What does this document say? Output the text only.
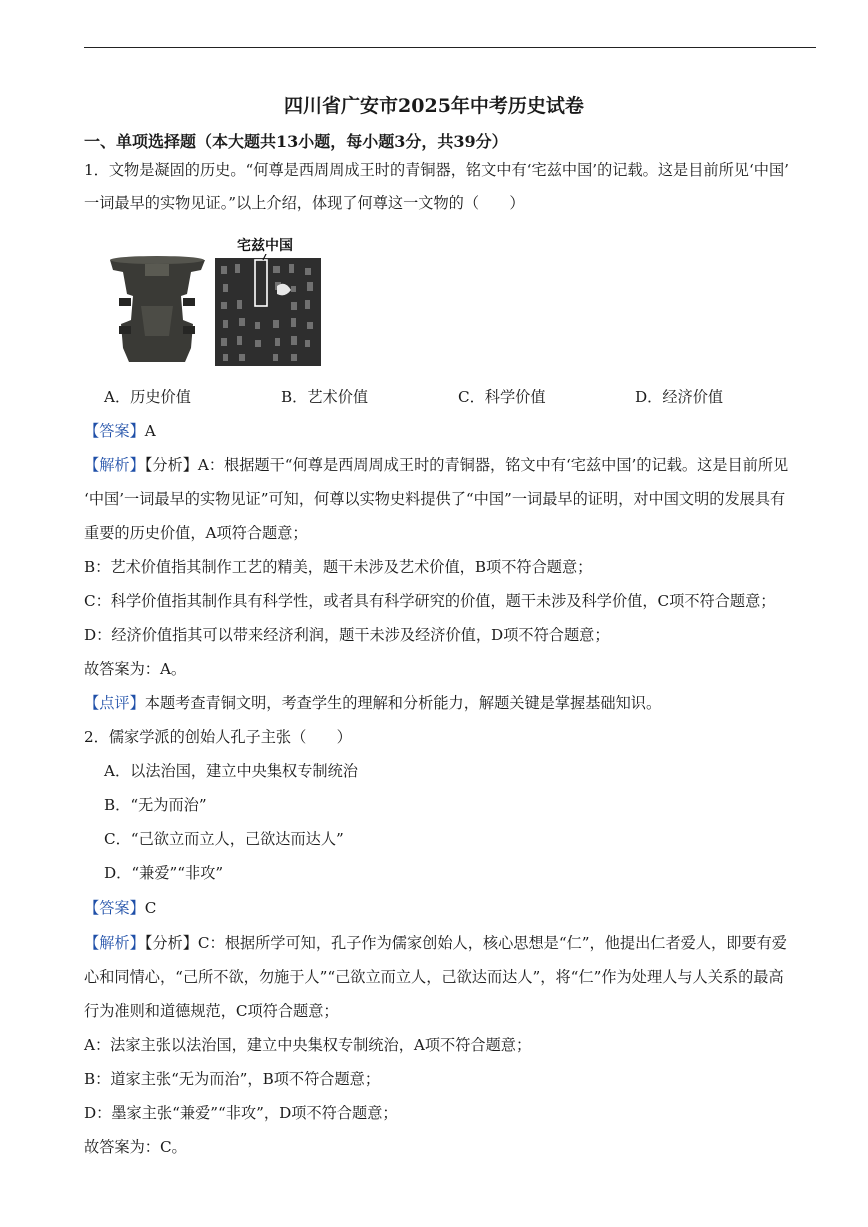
四川省广安市2025年中考历史试卷
一、单项选择题（本大题共13小题，每小题3分，共39分）
1．文物是凝固的历史。“何尊是西周周成王时的青铜器，铭文中有‘宅兹中国’的记载。这是目前所见‘中国’
一词最早的实物见证。”以上介绍，体现了何尊这一文物的（　　）
宅兹中国
A．历史价值	B．艺术价值	C．科学价值	D．经济价值
【答案】A
【解析】【分析】A：根据题干“何尊是西周周成王时的青铜器，铭文中有‘宅兹中国’的记载。这是目前所见
‘中国’一词最早的实物见证”可知，何尊以实物史料提供了“中国”一词最早的证明，对中国文明的发展具有
重要的历史价值，A项符合题意；
B：艺术价值指其制作工艺的精美，题干未涉及艺术价值，B项不符合题意；
C：科学价值指其制作具有科学性，或者具有科学研究的价值，题干未涉及科学价值，C项不符合题意；
D：经济价值指其可以带来经济利润，题干未涉及经济价值，D项不符合题意；
故答案为：A。
【点评】本题考查青铜文明，考查学生的理解和分析能力，解题关键是掌握基础知识。
2．儒家学派的创始人孔子主张（　　）
A．以法治国，建立中央集权专制统治
B．“无为而治”
C．“己欲立而立人，己欲达而达人”
D．“兼爱”“非攻”
【答案】C
【解析】【分析】C：根据所学可知，孔子作为儒家创始人，核心思想是“仁”，他提出仁者爱人，即要有爱
心和同情心，“己所不欲，勿施于人”“己欲立而立人，己欲达而达人”，将“仁”作为处理人与人关系的最高
行为准则和道德规范，C项符合题意；
A：法家主张以法治国，建立中央集权专制统治，A项不符合题意；
B：道家主张“无为而治”，B项不符合题意；
D：墨家主张“兼爱”“非攻”，D项不符合题意；
故答案为：C。
